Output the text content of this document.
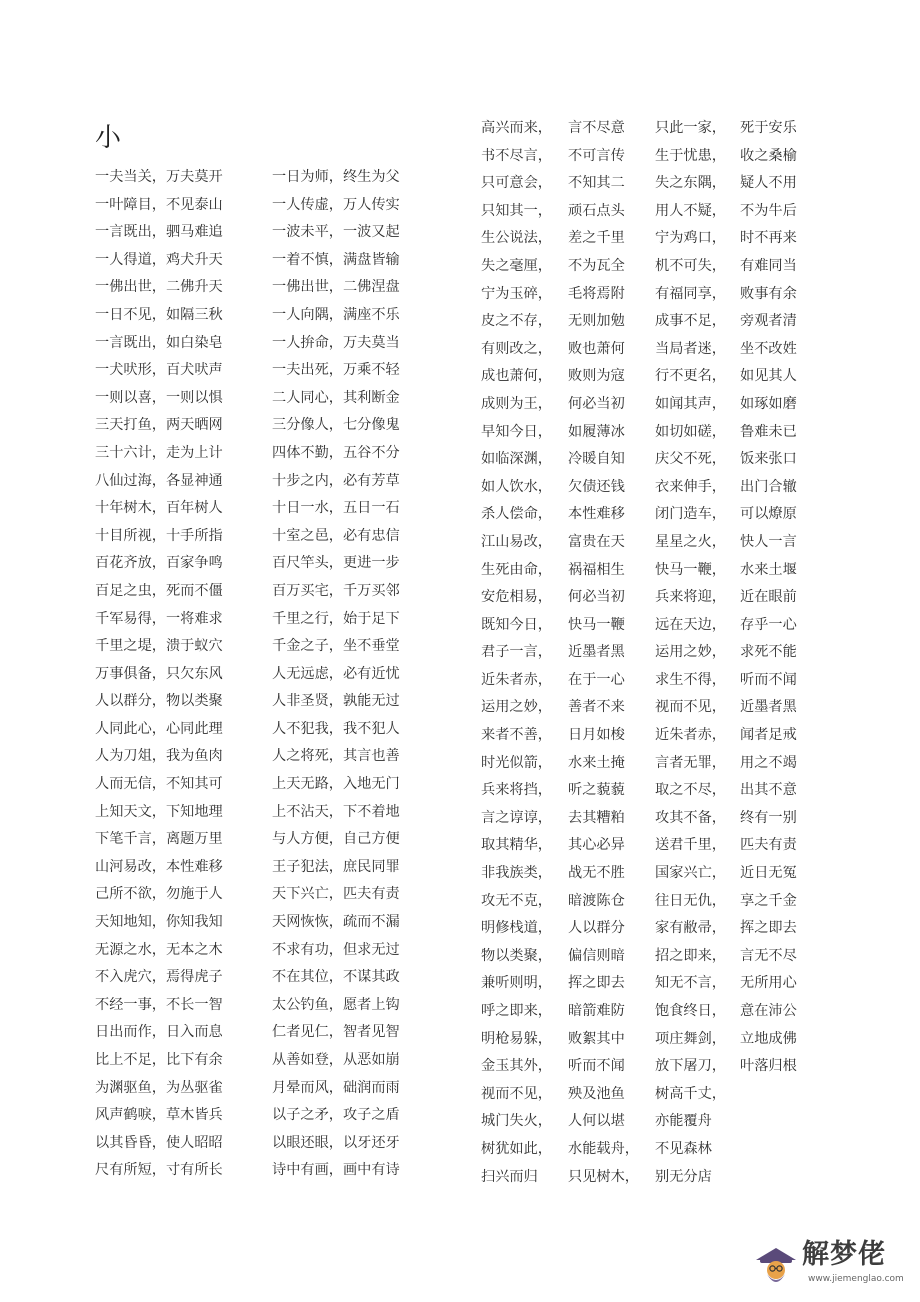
小
一夫当关，万夫莫开
一叶障目，不见泰山
一言既出，驷马难追
一人得道，鸡犬升天
一佛出世，二佛升天
一日不见，如隔三秋
一言既出，如白染皂
一犬吠形，百犬吠声
一则以喜，一则以惧
三天打鱼，两天晒网
三十六计，走为上计
八仙过海，各显神通
十年树木，百年树人
十目所视，十手所指
百花齐放，百家争鸣
百足之虫，死而不僵
千军易得，一将难求
千里之堤，溃于蚁穴
万事俱备，只欠东风
人以群分，物以类聚
人同此心，心同此理
人为刀俎，我为鱼肉
人而无信，不知其可
上知天文，下知地理
下笔千言，离题万里
山河易改，本性难移
己所不欲，勿施于人
天知地知，你知我知
无源之水，无本之木
不入虎穴，焉得虎子
不经一事，不长一智
日出而作，日入而息
比上不足，比下有余
为渊驱鱼，为丛驱雀
风声鹤唳，草木皆兵
以其昏昏，使人昭昭
尺有所短，寸有所长
一日为师，终生为父
一人传虚，万人传实
一波未平，一波又起
一着不慎，满盘皆输
一佛出世，二佛涅盘
一人向隅，满座不乐
一人拚命，万夫莫当
一夫出死，万乘不轻
二人同心，其利断金
三分像人，七分像鬼
四体不勤，五谷不分
十步之内，必有芳草
十日一水，五日一石
十室之邑，必有忠信
百尺竿头，更进一步
百万买宅，千万买邻
千里之行，始于足下
千金之子，坐不垂堂
人无远虑，必有近忧
人非圣贤，孰能无过
人不犯我，我不犯人
人之将死，其言也善
上天无路，入地无门
上不沾天，下不着地
与人方便，自己方便
王子犯法，庶民同罪
天下兴亡，匹夫有责
天网恢恢，疏而不漏
不求有功，但求无过
不在其位，不谋其政
太公钓鱼，愿者上钩
仁者见仁，智者见智
从善如登，从恶如崩
月晕而风，础润而雨
以子之矛，攻子之盾
以眼还眼，以牙还牙
诗中有画，画中有诗
高兴而来，
书不尽言，
只可意会，
只知其一，
生公说法，
失之毫厘，
宁为玉碎，
皮之不存，
有则改之，
成也萧何，
成则为王，
早知今日，
如临深渊，
如人饮水，
杀人偿命，
江山易改，
生死由命，
安危相易，
既知今日，
君子一言，
近朱者赤，
运用之妙，
来者不善，
时光似箭，
兵来将挡，
言之谆谆，
取其精华，
非我族类，
攻无不克，
明修栈道，
物以类聚，
兼听则明，
呼之即来，
明枪易躲，
金玉其外，
视而不见，
城门失火，
树犹如此，
扫兴而归
言不尽意
不可言传
不知其二
顽石点头
差之千里
不为瓦全
毛将焉附
无则加勉
败也萧何
败则为寇
何必当初
如履薄冰
冷暖自知
欠债还钱
本性难移
富贵在天
祸福相生
何必当初
快马一鞭
近墨者黑
在于一心
善者不来
日月如梭
水来土掩
听之藐藐
去其糟粕
其心必异
战无不胜
暗渡陈仓
人以群分
偏信则暗
挥之即去
暗箭难防
败絮其中
听而不闻
殃及池鱼
人何以堪
水能载舟，
只见树木，
只此一家，
生于忧患，
失之东隅，
用人不疑，
宁为鸡口，
机不可失，
有福同享，
成事不足，
当局者迷，
行不更名，
如闻其声，
如切如磋，
庆父不死，
衣来伸手，
闭门造车，
星星之火，
快马一鞭，
兵来将迎，
远在天边，
运用之妙，
求生不得，
视而不见，
近朱者赤，
言者无罪，
取之不尽，
攻其不备，
送君千里，
国家兴亡，
往日无仇，
家有敝帚，
招之即来，
知无不言，
饱食终日，
项庄舞剑，
放下屠刀，
树高千丈，
亦能覆舟
不见森林
别无分店
死于安乐
收之桑榆
疑人不用
不为牛后
时不再来
有难同当
败事有余
旁观者清
坐不改姓
如见其人
如琢如磨
鲁难未已
饭来张口
出门合辙
可以燎原
快人一言
水来土堰
近在眼前
存乎一心
求死不能
听而不闻
近墨者黑
闻者足戒
用之不竭
出其不意
终有一别
匹夫有责
近日无冤
享之千金
挥之即去
言无不尽
无所用心
意在沛公
立地成佛
叶落归根
解梦佬
www.jiemenglao.com
